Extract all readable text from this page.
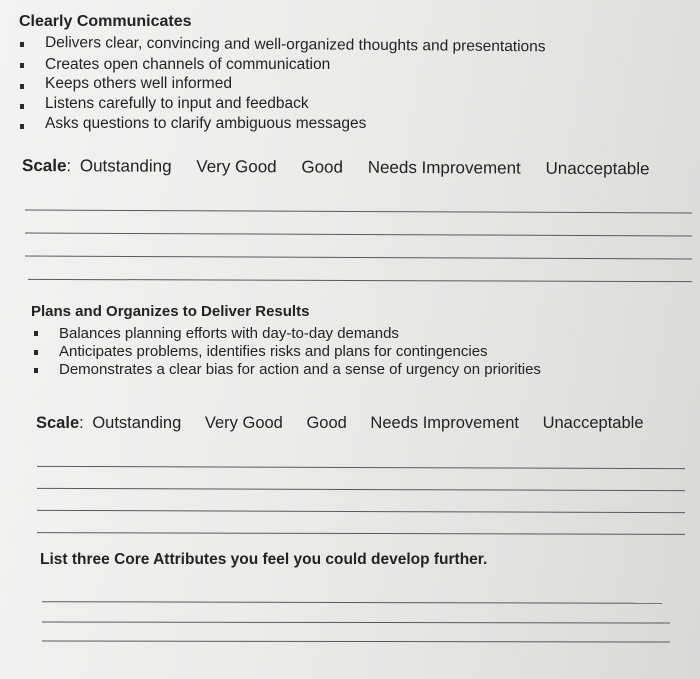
Clearly Communicates
Delivers clear, convincing and well-organized thoughts and presentations
Creates open channels of communication
Keeps others well informed
Listens carefully to input and feedback
Asks questions to clarify ambiguous messages
Scale: Outstanding Very Good Good Needs Improvement Unacceptable
Plans and Organizes to Deliver Results
Balances planning efforts with day-to-day demands
Anticipates problems, identifies risks and plans for contingencies
Demonstrates a clear bias for action and a sense of urgency on priorities
Scale: Outstanding Very Good Good Needs Improvement Unacceptable
List three Core Attributes you feel you could develop further.
